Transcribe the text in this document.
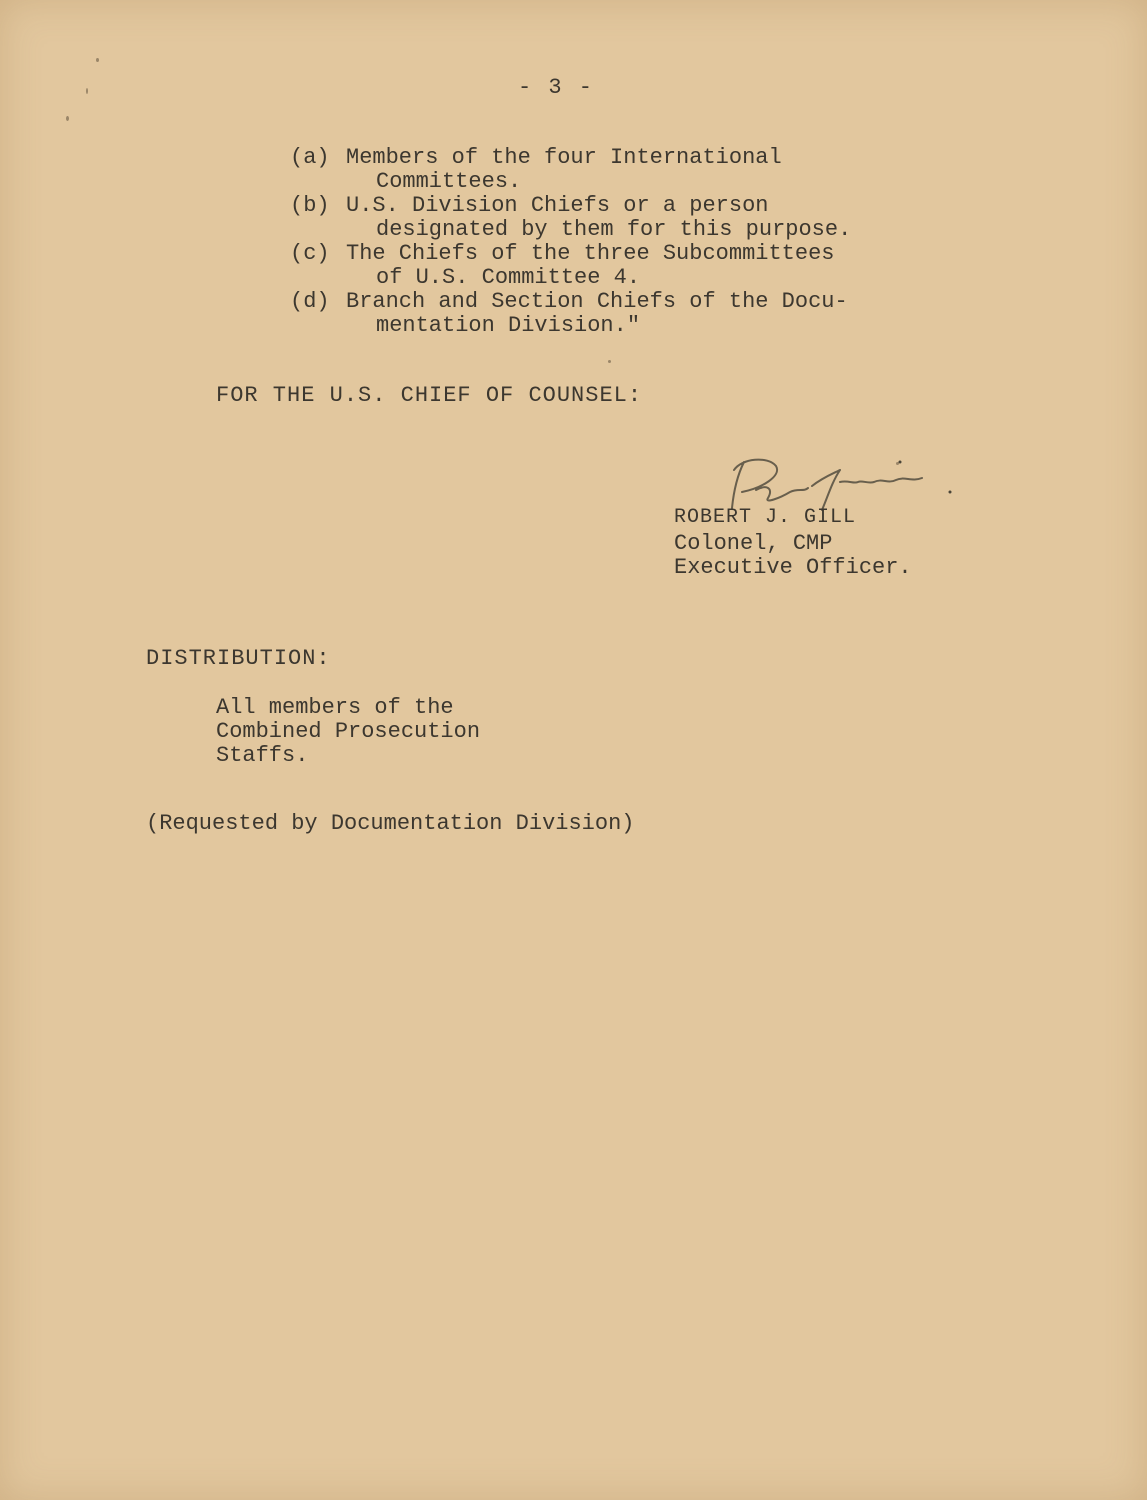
- 3 -
(a) Members of the four International
Committees.
(b) U.S. Division Chiefs or a person
designated by them for this purpose.
(c) The Chiefs of the three Subcommittees
of U.S. Committee 4.
(d) Branch and Section Chiefs of the Docu-
mentation Division."
FOR THE U.S. CHIEF OF COUNSEL:
ROBERT J. GILL
Colonel, CMP
Executive Officer.
DISTRIBUTION:
All members of the
Combined Prosecution
Staffs.
(Requested by Documentation Division)
